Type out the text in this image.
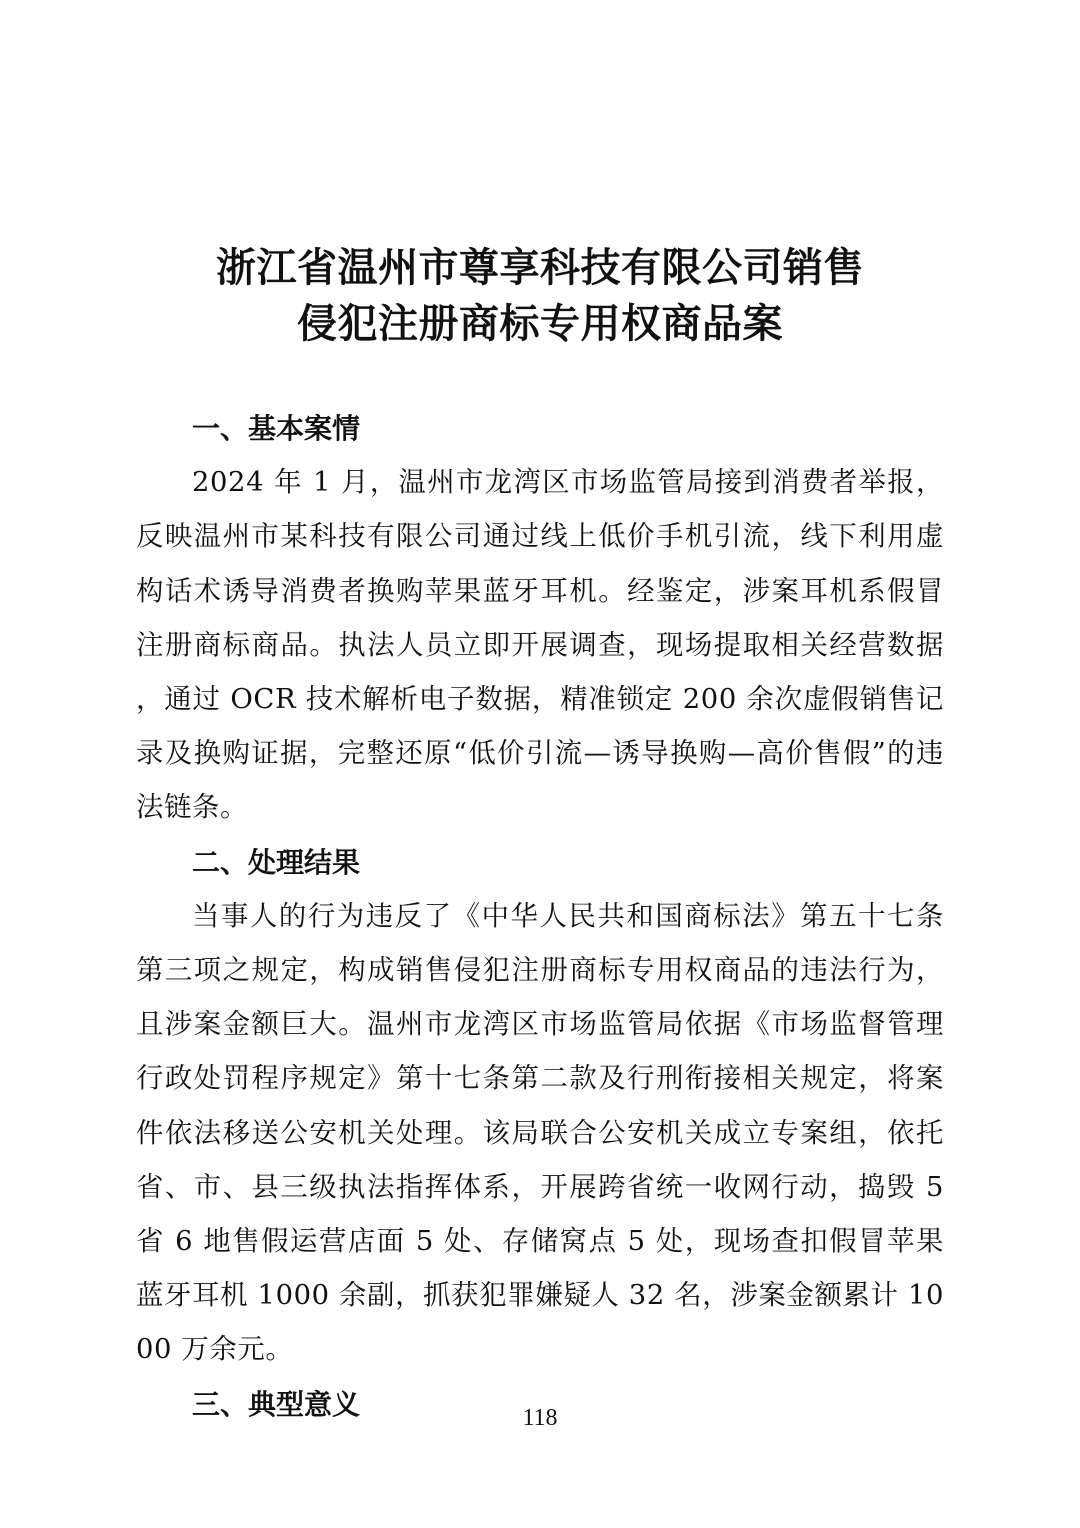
浙江省温州市尊享科技有限公司销售
侵犯注册商标专用权商品案
一、基本案情

2024 年 1 月，温州市龙湾区市场监管局接到消费者举报，反映温州市某科技有限公司通过线上低价手机引流，线下利用虚构话术诱导消费者换购苹果蓝牙耳机。经鉴定，涉案耳机系假冒注册商标商品。执法人员立即开展调查，现场提取相关经营数据，通过 OCR 技术解析电子数据，精准锁定 200 余次虚假销售记录及换购证据，完整还原“低价引流—诱导换购—高价售假”的违法链条。

二、处理结果

当事人的行为违反了《中华人民共和国商标法》第五十七条第三项之规定，构成销售侵犯注册商标专用权商品的违法行为，且涉案金额巨大。温州市龙湾区市场监管局依据《市场监督管理行政处罚程序规定》第十七条第二款及行刑衔接相关规定，将案件依法移送公安机关处理。该局联合公安机关成立专案组，依托省、市、县三级执法指挥体系，开展跨省统一收网行动，捣毁 5 省 6 地售假运营店面 5 处、存储窝点 5 处，现场查扣假冒苹果蓝牙耳机 1000 余副，抓获犯罪嫌疑人 32 名，涉案金额累计 1000 万余元。

三、典型意义	118
